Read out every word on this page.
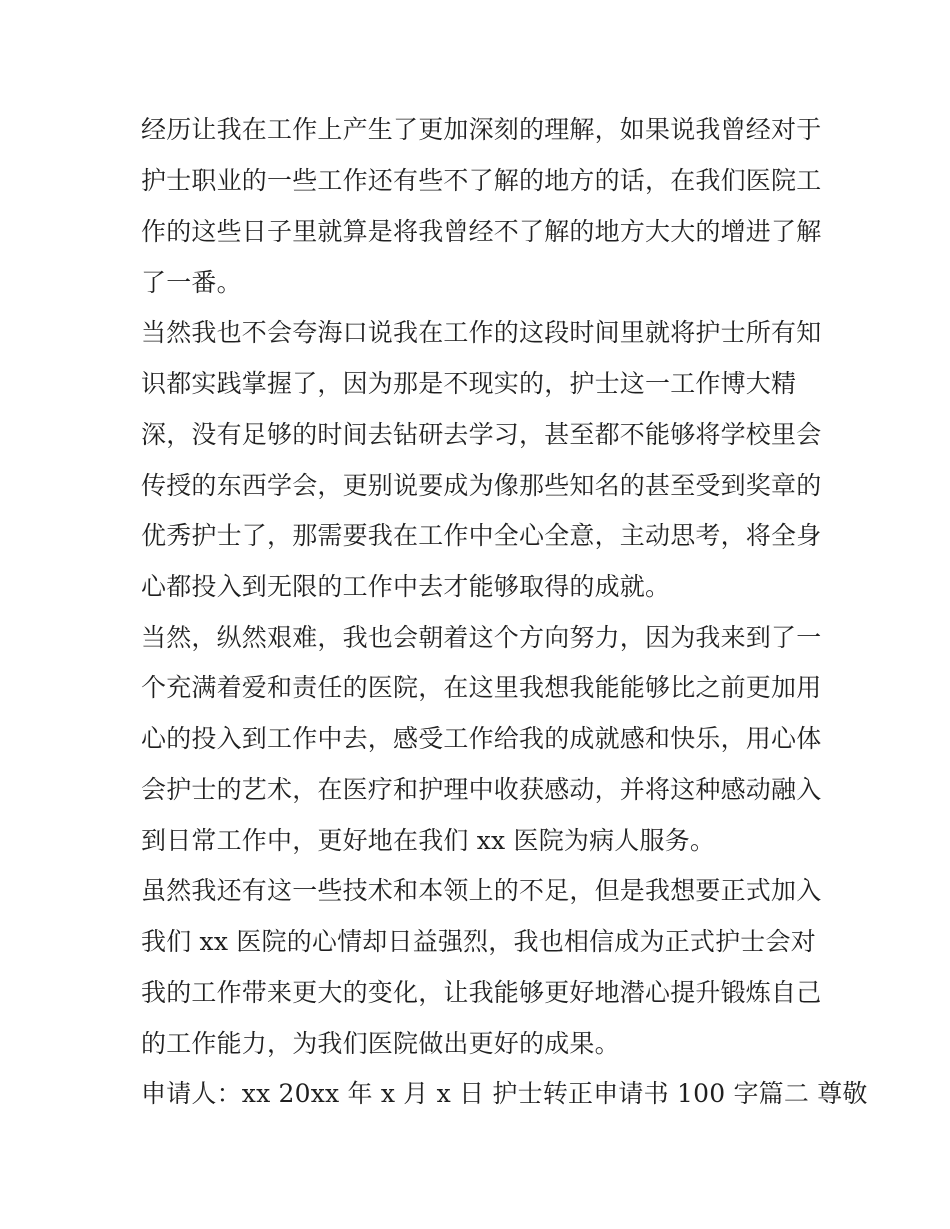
经历让我在工作上产生了更加深刻的理解，如果说我曾经对于
护士职业的一些工作还有些不了解的地方的话，在我们医院工
作的这些日子里就算是将我曾经不了解的地方大大的增进了解
了一番。
当然我也不会夸海口说我在工作的这段时间里就将护士所有知
识都实践掌握了，因为那是不现实的，护士这一工作博大精
深，没有足够的时间去钻研去学习，甚至都不能够将学校里会
传授的东西学会，更别说要成为像那些知名的甚至受到奖章的
优秀护士了，那需要我在工作中全心全意，主动思考，将全身
心都投入到无限的工作中去才能够取得的成就。
当然，纵然艰难，我也会朝着这个方向努力，因为我来到了一
个充满着爱和责任的医院，在这里我想我能能够比之前更加用
心的投入到工作中去，感受工作给我的成就感和快乐，用心体
会护士的艺术，在医疗和护理中收获感动，并将这种感动融入
到日常工作中，更好地在我们 xx 医院为病人服务。
虽然我还有这一些技术和本领上的不足，但是我想要正式加入
我们 xx 医院的心情却日益强烈，我也相信成为正式护士会对
我的工作带来更大的变化，让我能够更好地潜心提升锻炼自己
的工作能力，为我们医院做出更好的成果。
申请人：xx 20xx 年 x 月 x 日 护士转正申请书 100 字篇二 尊敬
